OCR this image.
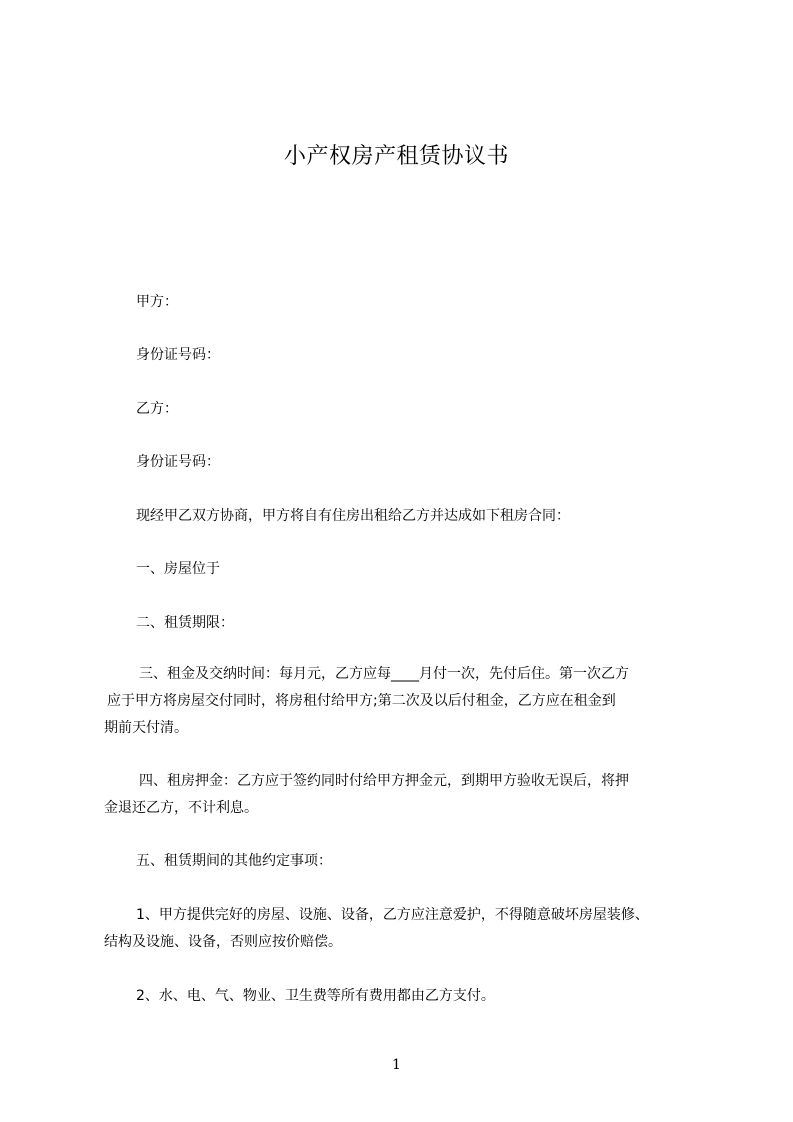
小产权房产租赁协议书
甲方：
身份证号码：
乙方：
身份证号码：
现经甲乙双方协商，甲方将自有住房出租给乙方并达成如下租房合同：
一、房屋位于
二、租赁期限：
三、租金及交纳时间：每月元，乙方应每____月付一次，先付后住。第一次乙方
应于甲方将房屋交付同时，将房租付给甲方;第二次及以后付租金，乙方应在租金到
期前天付清。
四、租房押金：乙方应于签约同时付给甲方押金元，到期甲方验收无误后，将押
金退还乙方，不计利息。
五、租赁期间的其他约定事项：
1、甲方提供完好的房屋、设施、设备，乙方应注意爱护，不得随意破坏房屋装修、
结构及设施、设备，否则应按价赔偿。
2、水、电、气、物业、卫生费等所有费用都由乙方支付。
1
